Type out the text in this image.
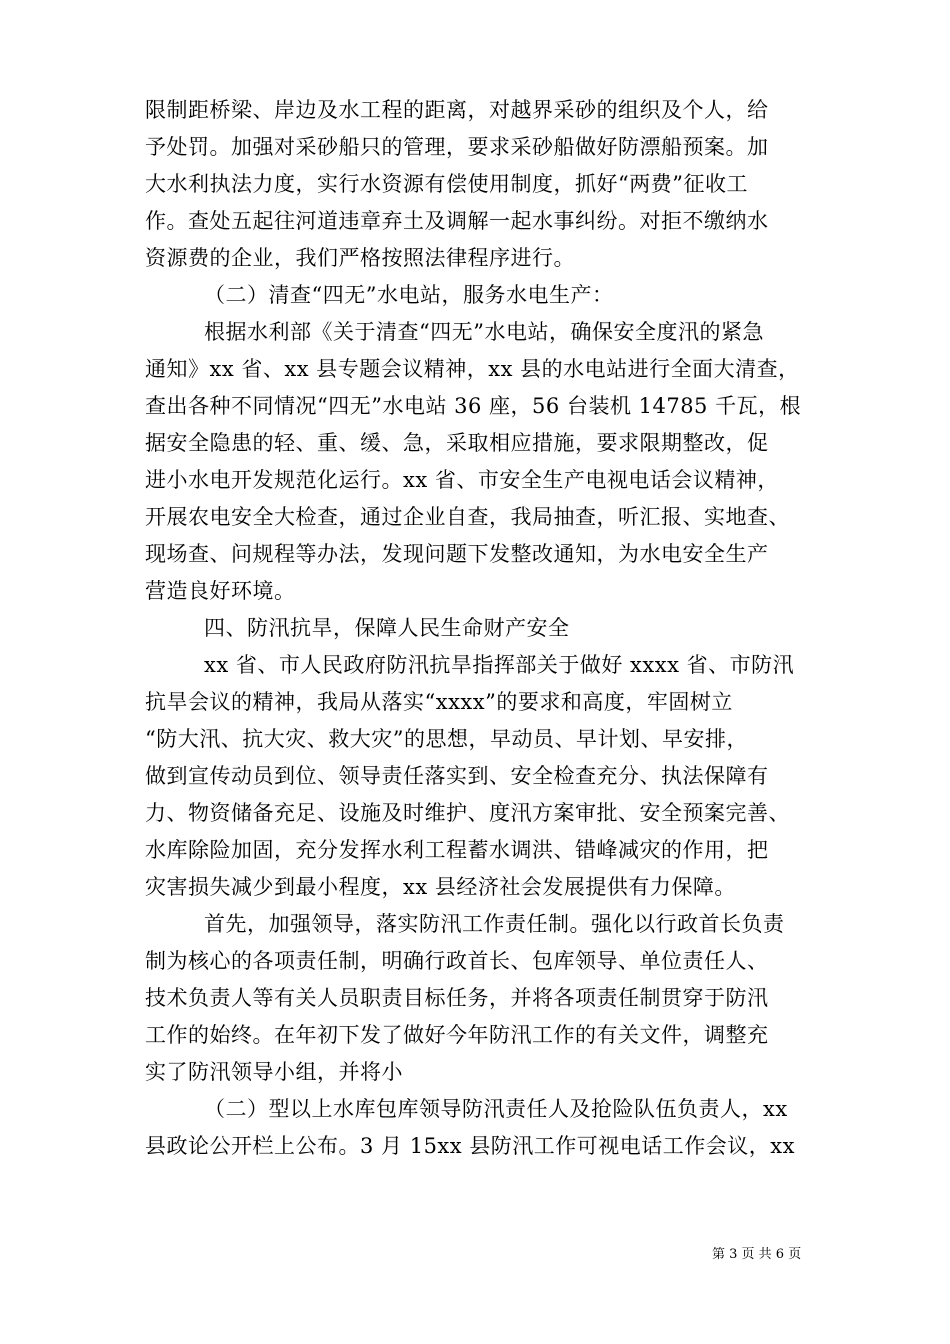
限制距桥梁、岸边及水工程的距离，对越界采砂的组织及个人，给
予处罚。加强对采砂船只的管理，要求采砂船做好防漂船预案。加
大水利执法力度，实行水资源有偿使用制度，抓好“两费”征收工
作。查处五起往河道违章弃土及调解一起水事纠纷。对拒不缴纳水
资源费的企业，我们严格按照法律程序进行。
（二）清查“四无”水电站，服务水电生产：
根据水利部《关于清查“四无”水电站，确保安全度汛的紧急
通知》xx 省、xx 县专题会议精神，xx 县的水电站进行全面大清查，
查出各种不同情况“四无”水电站 36 座，56 台装机 14785 千瓦，根
据安全隐患的轻、重、缓、急，采取相应措施，要求限期整改，促
进小水电开发规范化运行。xx 省、市安全生产电视电话会议精神，
开展农电安全大检查，通过企业自查，我局抽查，听汇报、实地查、
现场查、问规程等办法，发现问题下发整改通知，为水电安全生产
营造良好环境。
四、防汛抗旱，保障人民生命财产安全
xx 省、市人民政府防汛抗旱指挥部关于做好 xxxx 省、市防汛
抗旱会议的精神，我局从落实“xxxx”的要求和高度，牢固树立
“防大汛、抗大灾、救大灾”的思想，早动员、早计划、早安排，
做到宣传动员到位、领导责任落实到、安全检查充分、执法保障有
力、物资储备充足、设施及时维护、度汛方案审批、安全预案完善、
水库除险加固，充分发挥水利工程蓄水调洪、错峰减灾的作用，把
灾害损失减少到最小程度，xx 县经济社会发展提供有力保障。
首先，加强领导，落实防汛工作责任制。强化以行政首长负责
制为核心的各项责任制，明确行政首长、包库领导、单位责任人、
技术负责人等有关人员职责目标任务，并将各项责任制贯穿于防汛
工作的始终。在年初下发了做好今年防汛工作的有关文件，调整充
实了防汛领导小组，并将小
（二）型以上水库包库领导防汛责任人及抢险队伍负责人，xx
县政论公开栏上公布。3 月 15xx 县防汛工作可视电话工作会议，xx
第 3 页 共 6 页
